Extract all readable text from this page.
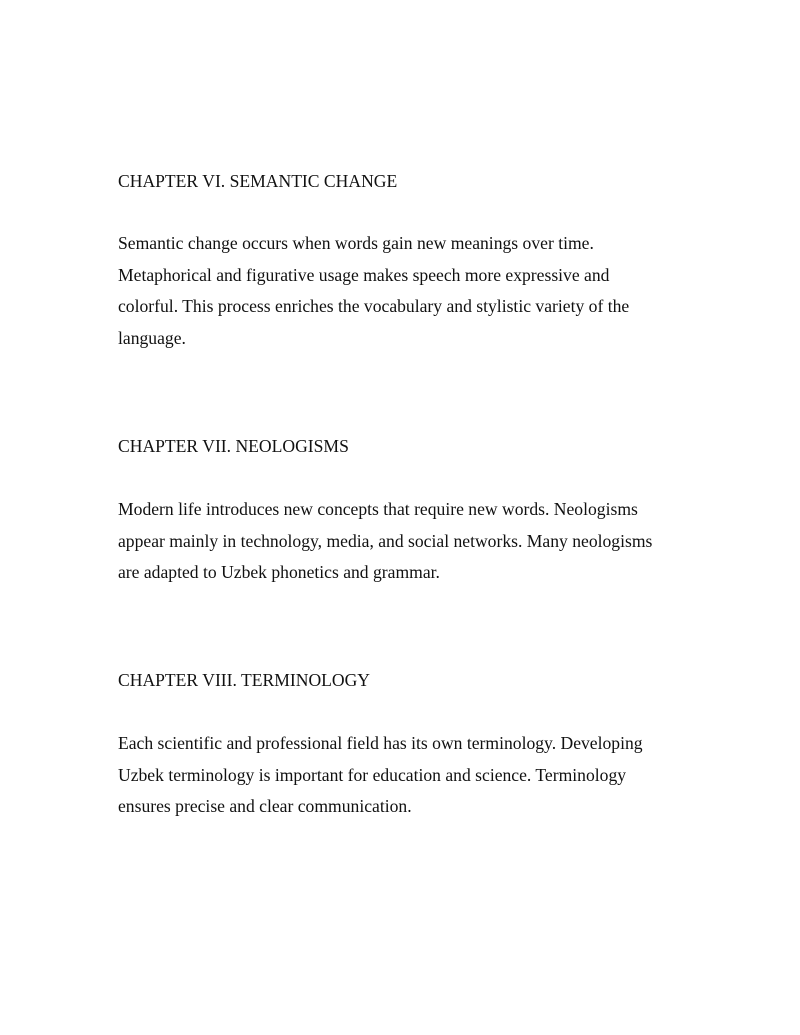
CHAPTER VI. SEMANTIC CHANGE

Semantic change occurs when words gain new meanings over time.
Metaphorical and figurative usage makes speech more expressive and
colorful. This process enriches the vocabulary and stylistic variety of the
language.

CHAPTER VII. NEOLOGISMS

Modern life introduces new concepts that require new words. Neologisms
appear mainly in technology, media, and social networks. Many neologisms
are adapted to Uzbek phonetics and grammar.

CHAPTER VIII. TERMINOLOGY

Each scientific and professional field has its own terminology. Developing
Uzbek terminology is important for education and science. Terminology
ensures precise and clear communication.
